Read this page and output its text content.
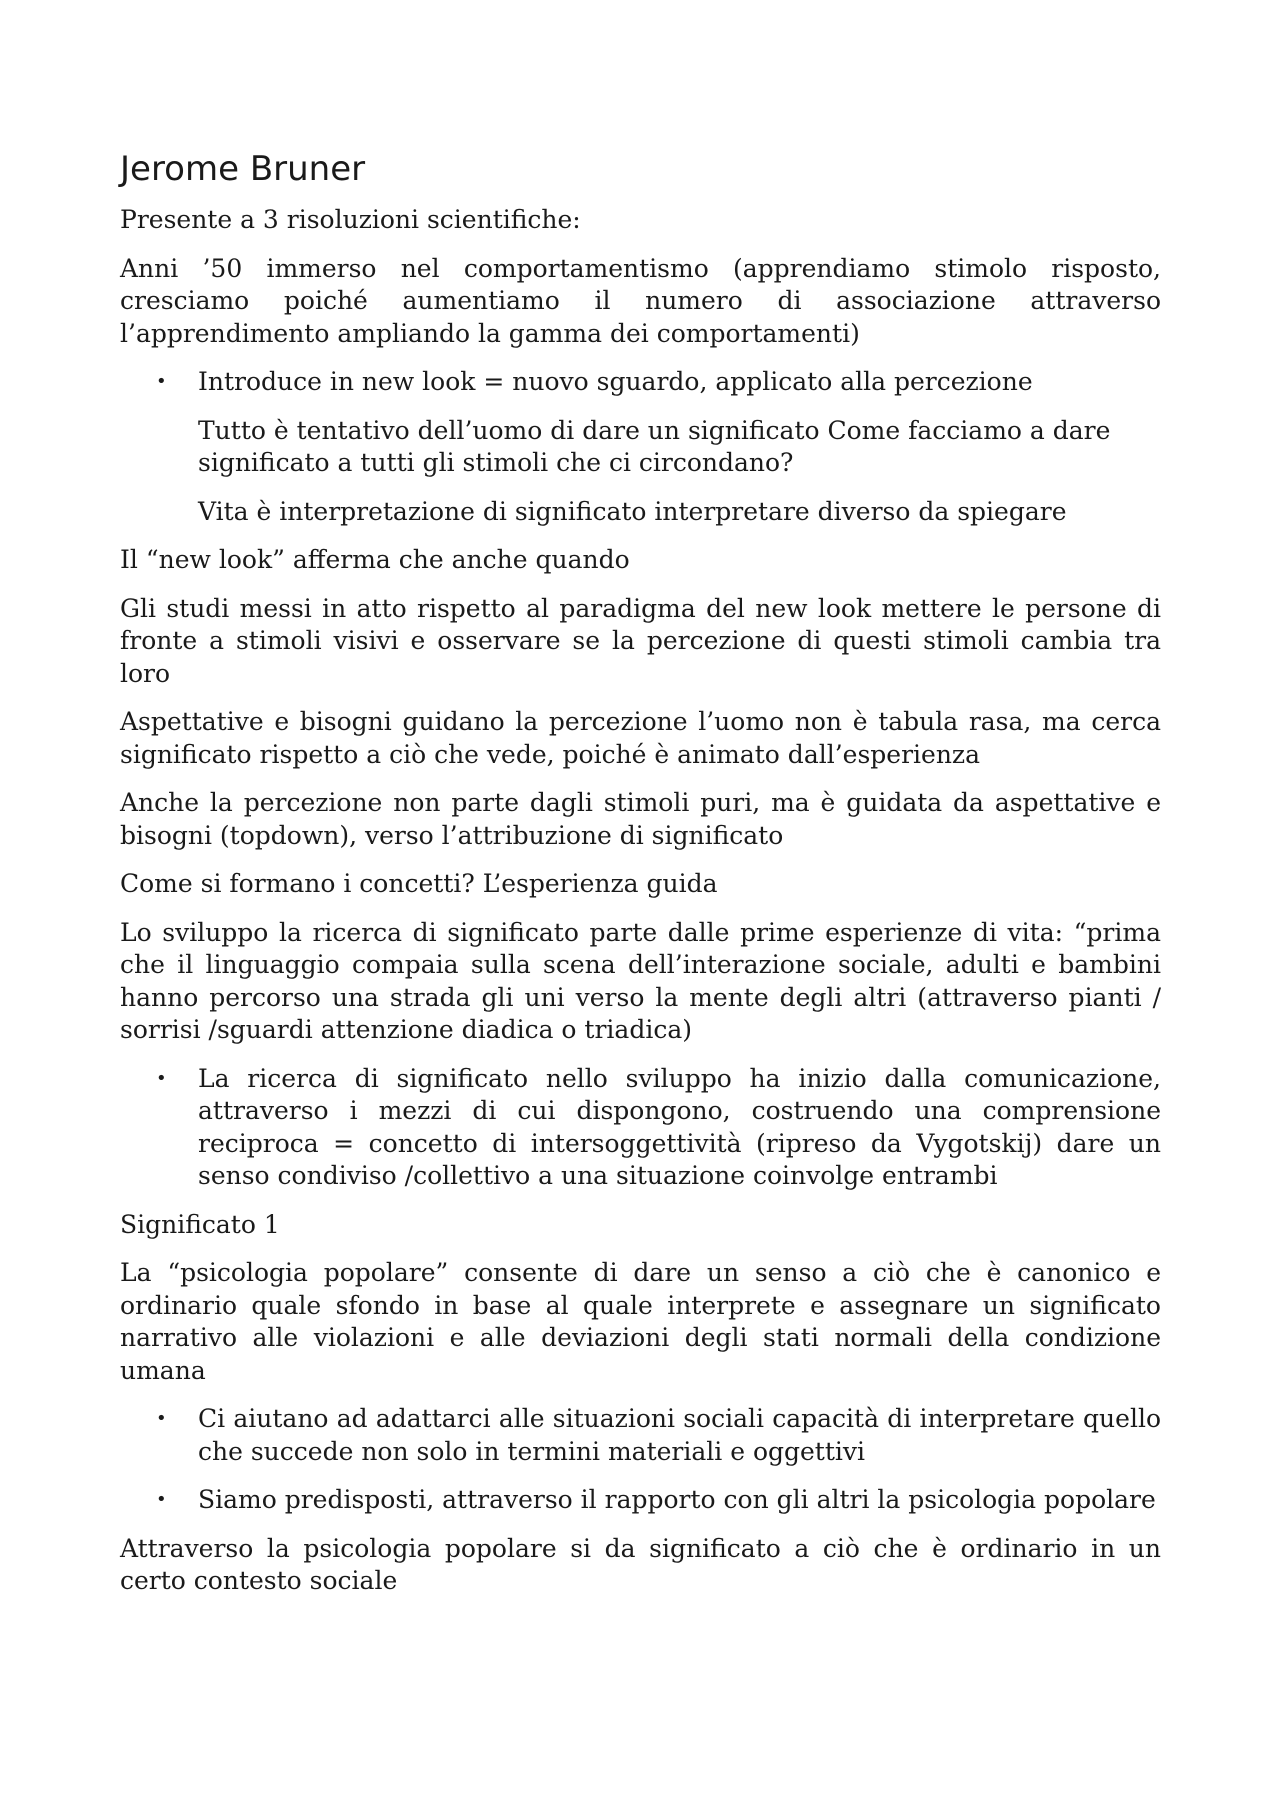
Jerome Bruner

Presente a 3 risoluzioni scientifiche:

Anni ’50 immerso nel comportamentismo (apprendiamo stimolo risposto, cresciamo poiché aumentiamo il numero di associazione attraverso l’apprendimento ampliando la gamma dei comportamenti)

• Introduce in new look = nuovo sguardo, applicato alla percezione

Tutto è tentativo dell’uomo di dare un significato Come facciamo a dare significato a tutti gli stimoli che ci circondano?

Vita è interpretazione di significato interpretare diverso da spiegare

Il “new look” afferma che anche quando

Gli studi messi in atto rispetto al paradigma del new look mettere le persone di fronte a stimoli visivi e osservare se la percezione di questi stimoli cambia tra loro

Aspettative e bisogni guidano la percezione l’uomo non è tabula rasa, ma cerca significato rispetto a ciò che vede, poiché è animato dall’esperienza

Anche la percezione non parte dagli stimoli puri, ma è guidata da aspettative e bisogni (topdown), verso l’attribuzione di significato

Come si formano i concetti? L’esperienza guida

Lo sviluppo la ricerca di significato parte dalle prime esperienze di vita: “prima che il linguaggio compaia sulla scena dell’interazione sociale, adulti e bambini hanno percorso una strada gli uni verso la mente degli altri (attraverso pianti / sorrisi /sguardi attenzione diadica o triadica)

• La ricerca di significato nello sviluppo ha inizio dalla comunicazione, attraverso i mezzi di cui dispongono, costruendo una comprensione reciproca = concetto di intersoggettività (ripreso da Vygotskij) dare un senso condiviso /collettivo a una situazione coinvolge entrambi

Significato 1

La “psicologia popolare” consente di dare un senso a ciò che è canonico e ordinario quale sfondo in base al quale interprete e assegnare un significato narrativo alle violazioni e alle deviazioni degli stati normali della condizione umana

• Ci aiutano ad adattarci alle situazioni sociali capacità di interpretare quello che succede non solo in termini materiali e oggettivi
• Siamo predisposti, attraverso il rapporto con gli altri la psicologia popolare

Attraverso la psicologia popolare si da significato a ciò che è ordinario in un certo contesto sociale
